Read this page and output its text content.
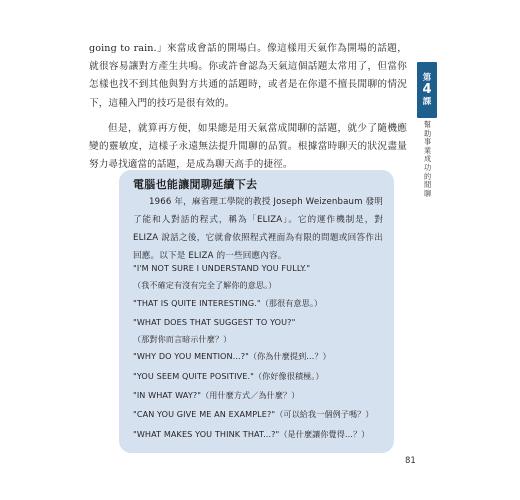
going to rain.」來當成會話的開場白。像這樣用天氣作為開場的話題，就很容易讓對方產生共鳴。你或許會認為天氣這個話題太常用了，但當你怎樣也找不到其他與對方共通的話題時，或者是在你還不擅長閒聊的情況下，這種入門的技巧是很有效的。

但是，就算再方便，如果總是用天氣當成閒聊的話題，就少了隨機應變的靈敏度，這樣子永遠無法提升閒聊的品質。根據當時聊天的狀況盡量努力尋找適當的話題，是成為聊天高手的捷徑。

第
4
課
幫助事業成功的閒聊
電腦也能讓閒聊延續下去
1966 年，麻省理工學院的教授 Joseph Weizenbaum 發明了能和人對話的程式，稱為「ELIZA」。它的運作機制是，對 ELIZA 說話之後，它就會依照程式裡面為有限的問題或回答作出回應。以下是 ELIZA 的一些回應內容。
"I'M NOT SURE I UNDERSTAND YOU FULLY."
（我不確定有沒有完全了解你的意思。）
"THAT IS QUITE INTERESTING."（那很有意思。）
"WHAT DOES THAT SUGGEST TO YOU?"
（那對你而言暗示什麼？）
"WHY DO YOU MENTION...?"（你為什麼提到…？）
"YOU SEEM QUITE POSITIVE."（你好像很積極。）
"IN WHAT WAY?"（用什麼方式／為什麼？）
"CAN YOU GIVE ME AN EXAMPLE?"（可以給我一個例子嗎？）
"WHAT MAKES YOU THINK THAT...?"（是什麼讓你覺得…？）
81
